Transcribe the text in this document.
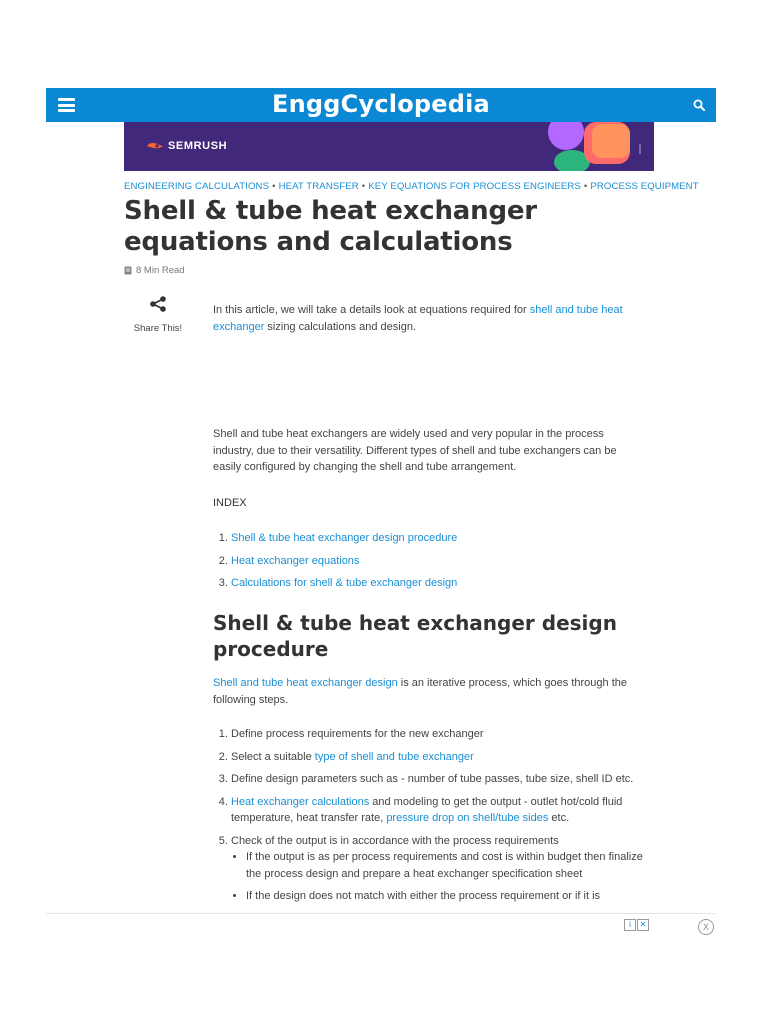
EnggCyclopedia
SEMRUSH
ENGINEERING CALCULATIONS • HEAT TRANSFER • KEY EQUATIONS FOR PROCESS ENGINEERS • PROCESS EQUIPMENT
Shell & tube heat exchanger equations and calculations
8 Min Read
Share This!

In this article, we will take a details look at equations required for shell and tube heat exchanger sizing calculations and design.

Shell and tube heat exchangers are widely used and very popular in the process industry, due to their versatility. Different types of shell and tube exchangers can be easily configured by changing the shell and tube arrangement.

INDEX
1. Shell & tube heat exchanger design procedure
2. Heat exchanger equations
3. Calculations for shell & tube exchanger design
Shell & tube heat exchanger design procedure

Shell and tube heat exchanger design is an iterative process, which goes through the following steps.

1. Define process requirements for the new exchanger
2. Select a suitable type of shell and tube exchanger
3. Define design parameters such as - number of tube passes, tube size, shell ID etc.
4. Heat exchanger calculations and modeling to get the output - outlet hot/cold fluid temperature, heat transfer rate, pressure drop on shell/tube sides etc.
5. Check of the output is in accordance with the process requirements
• If the output is as per process requirements and cost is within budget then finalize the process design and prepare a heat exchanger specification sheet
• If the design does not match with either the process requirement or if it is
i	✕	X
